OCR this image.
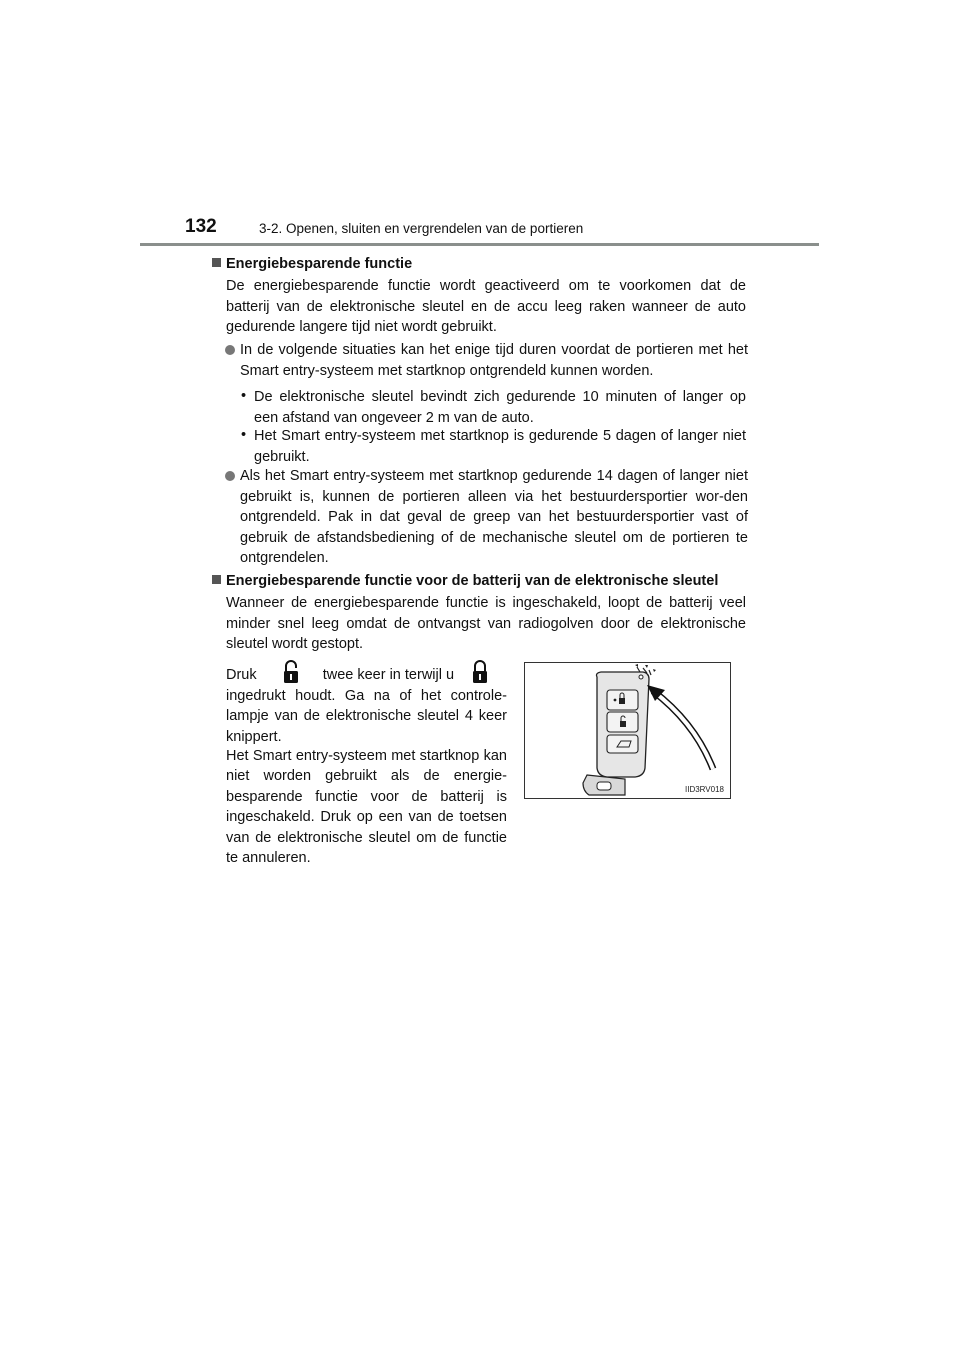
132	3-2. Openen, sluiten en vergrendelen van de portieren
Energiebesparende functie
De energiebesparende functie wordt geactiveerd om te voorkomen dat de batterij van de elektronische sleutel en de accu leeg raken wanneer de auto gedurende langere tijd niet wordt gebruikt.
In de volgende situaties kan het enige tijd duren voordat de portieren met het Smart entry-systeem met startknop ontgrendeld kunnen worden.
• De elektronische sleutel bevindt zich gedurende 10 minuten of langer op een afstand van ongeveer 2 m van de auto.
• Het Smart entry-systeem met startknop is gedurende 5 dagen of langer niet gebruikt.
Als het Smart entry-systeem met startknop gedurende 14 dagen of langer niet gebruikt is, kunnen de portieren alleen via het bestuurdersportier wor-den ontgrendeld. Pak in dat geval de greep van het bestuurdersportier vast of gebruik de afstandsbediening of de mechanische sleutel om de portieren te ontgrendelen.
Energiebesparende functie voor de batterij van de elektronische sleutel
Wanneer de energiebesparende functie is ingeschakeld, loopt de batterij veel minder snel leeg omdat de ontvangst van radiogolven door de elektronische sleutel wordt gestopt.
Druk	twee keer in terwijl u
ingedrukt houdt. Ga na of het controle-lampje van de elektronische sleutel 4 keer knippert.
Het Smart entry-systeem met startknop kan niet worden gebruikt als de energie-besparende functie voor de batterij is ingeschakeld. Druk op een van de toetsen van de elektronische sleutel om de functie te annuleren.
IID3RV018
